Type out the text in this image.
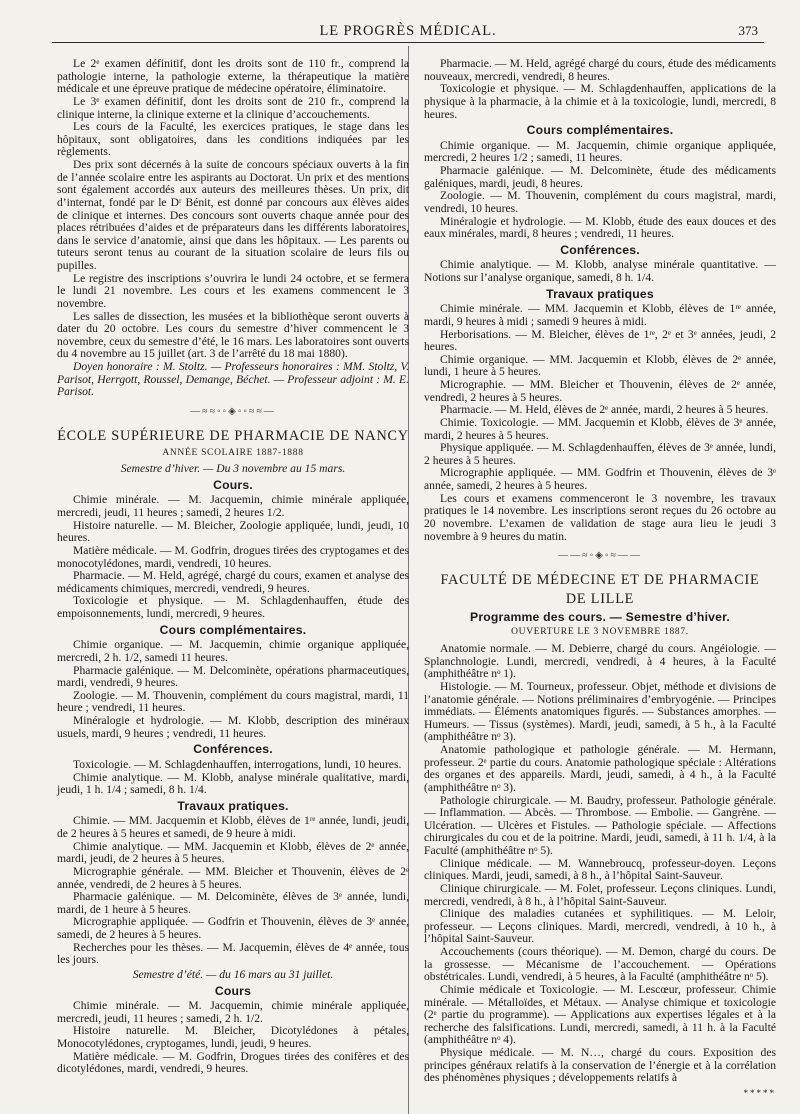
LE PROGRÈS MÉDICAL.	373

Le 2ᵉ examen définitif, dont les droits sont de 110 fr., comprend la pathologie interne, la pathologie externe, la thérapeutique la matière médicale et une épreuve pratique de médecine opératoire, éliminatoire.

Le 3ᵉ examen définitif, dont les droits sont de 210 fr., comprend la clinique interne, la clinique externe et la clinique d’accouchements.

Les cours de la Faculté, les exercices pratiques, le stage dans les hôpitaux, sont obligatoires, dans les conditions indiquées par les règlements.

Des prix sont décernés à la suite de concours spéciaux ouverts à la fin de l’année scolaire entre les aspirants au Doctorat. Un prix et des mentions sont également accordés aux auteurs des meilleures thèses. Un prix, dit d’internat, fondé par le Dʳ Bénit, est donné par concours aux élèves aides de clinique et internes. Des concours sont ouverts chaque année pour des places rétribuées d’aides et de préparateurs dans les différents laboratoires, dans le service d’anatomie, ainsi que dans les hôpitaux. — Les parents ou tuteurs seront tenus au courant de la situation scolaire de leurs fils ou pupilles.

Le registre des inscriptions s’ouvrira le lundi 24 octobre, et se fermera le lundi 21 novembre. Les cours et les examens commencent le 3 novembre.

Les salles de dissection, les musées et la bibliothèque seront ouverts à dater du 20 octobre. Les cours du semestre d’hiver commencent le 3 novembre, ceux du semestre d’été, le 16 mars. Les laboratoires sont ouverts du 4 novembre au 15 juillet (art. 3 de l’arrêté du 18 mai 1880).

Doyen honoraire : M. Stoltz. — Professeurs honoraires : MM. Stoltz, V. Parisot, Herrgott, Roussel, Demange, Béchet. — Professeur adjoint : M. E. Parisot.

—≈≈◦◦◈◦◦≈≈—
ÉCOLE SUPÉRIEURE DE PHARMACIE DE NANCY
ANNÉE SCOLAIRE 1887-1888
Semestre d’hiver. — Du 3 novembre au 15 mars.
Cours.

Chimie minérale. — M. Jacquemin, chimie minérale appliquée, mercredi, jeudi, 11 heures ; samedi, 2 heures 1/2.

Histoire naturelle. — M. Bleicher, Zoologie appliquée, lundi, jeudi, 10 heures.

Matière médicale. — M. Godfrin, drogues tirées des cryptogames et des monocotylédones, mardi, vendredi, 10 heures.

Pharmacie. — M. Held, agrégé, chargé du cours, examen et analyse des médicaments chimiques, mercredi, vendredi, 9 heures.

Toxicologie et physique. — M. Schlagdenhauffen, étude des empoisonnements, lundi, mercredi, 9 heures.

Cours complémentaires.

Chimie organique. — M. Jacquemin, chimie organique appliquée, mercredi, 2 h. 1/2, samedi 11 heures.

Pharmacie galénique. — M. Delcominète, opérations pharmaceutiques, mardi, vendredi, 9 heures.

Zoologie. — M. Thouvenin, complément du cours magistral, mardi, 11 heure ; vendredi, 11 heures.

Minéralogie et hydrologie. — M. Klobb, description des minéraux usuels, mardi, 9 heures ; vendredi, 11 heures.

Conférences.

Toxicologie. — M. Schlagdenhauffen, interrogations, lundi, 10 heures.

Chimie analytique. — M. Klobb, analyse minérale qualitative, mardi, jeudi, 1 h. 1/4 ; samedi, 8 h. 1/4.

Travaux pratiques.

Chimie. — MM. Jacquemin et Klobb, élèves de 1ʳᵉ année, lundi, jeudi, de 2 heures à 5 heures et samedi, de 9 heure à midi.

Chimie analytique. — MM. Jacquemin et Klobb, élèves de 2ᵉ année, mardi, jeudi, de 2 heures à 5 heures.

Micrographie générale. — MM. Bleicher et Thouvenin, élèves de 2ᵉ année, vendredi, de 2 heures à 5 heures.

Pharmacie galénique. — M. Delcominète, élèves de 3ᵉ année, lundi, mardi, de 1 heure à 5 heures.

Micrographie appliquée. — Godfrin et Thouvenin, élèves de 3ᵉ année, samedi, de 2 heures à 5 heures.

Recherches pour les thèses. — M. Jacquemin, élèves de 4ᵉ année, tous les jours.

Semestre d’été. — du 16 mars au 31 juillet.
Cours

Chimie minérale. — M. Jacquemin, chimie minérale appliquée, mercredi, jeudi, 11 heures ; samedi, 2 h. 1/2.

Histoire naturelle. M. Bleicher, Dicotylédones à pétales, Monocotylédones, cryptogames, lundi, jeudi, 9 heures.

Matière médicale. — M. Godfrin, Drogues tirées des conifères et des dicotylédones, mardi, vendredi, 9 heures.

Pharmacie. — M. Held, agrégé chargé du cours, étude des médicaments nouveaux, mercredi, vendredi, 8 heures.

Toxicologie et physique. — M. Schlagdenhauffen, applications de la physique à la pharmacie, à la chimie et à la toxicologie, lundi, mercredi, 8 heures.

Cours complémentaires.

Chimie organique. — M. Jacquemin, chimie organique appliquée, mercredi, 2 heures 1/2 ; samedi, 11 heures.

Pharmacie galénique. — M. Delcominète, étude des médicaments galéniques, mardi, jeudi, 8 heures.

Zoologie. — M. Thouvenin, complément du cours magistral, mardi, vendredi, 10 heures.

Minéralogie et hydrologie. — M. Klobb, étude des eaux douces et des eaux minérales, mardi, 8 heures ; vendredi, 11 heures.

Conférences.

Chimie analytique. — M. Klobb, analyse minérale quantitative. — Notions sur l’analyse organique, samedi, 8 h. 1/4.

Travaux pratiques

Chimie minérale. — MM. Jacquemin et Klobb, élèves de 1ʳᵉ année, mardi, 9 heures à midi ; samedi 9 heures à midi.

Herborisations. — M. Bleicher, élèves de 1ʳᵉ, 2ᵉ et 3ᵉ années, jeudi, 2 heures.

Chimie organique. — MM. Jacquemin et Klobb, élèves de 2ᵉ année, lundi, 1 heure à 5 heures.

Micrographie. — MM. Bleicher et Thouvenin, élèves de 2ᵉ année, vendredi, 2 heures à 5 heures.

Pharmacie. — M. Held, élèves de 2ᵉ année, mardi, 2 heures à 5 heures.

Chimie. Toxicologie. — MM. Jacquemin et Klobb, élèves de 3ᵉ année, mardi, 2 heures à 5 heures.

Physique appliquée. — M. Schlagdenhauffen, élèves de 3ᵉ année, lundi, 2 heures à 5 heures.

Micrographie appliquée. — MM. Godfrin et Thouvenin, élèves de 3ᵉ année, samedi, 2 heures à 5 heures.

Les cours et examens commenceront le 3 novembre, les travaux pratiques le 14 novembre. Les inscriptions seront reçues du 26 octobre au 20 novembre. L’examen de validation de stage aura lieu le jeudi 3 novembre à 9 heures du matin.

——≈◦◈◦≈——
FACULTÉ DE MÉDECINE ET DE PHARMACIE
DE LILLE
Programme des cours. — Semestre d’hiver.
OUVERTURE LE 3 NOVEMBRE 1887.

Anatomie normale. — M. Debierre, chargé du cours. Angéiologie. — Splanchnologie. Lundi, mercredi, vendredi, à 4 heures, à la Faculté (amphithéâtre nᵒ 1).

Histologie. — M. Tourneux, professeur. Objet, méthode et divisions de l’anatomie générale. — Notions préliminaires d’embryogénie. — Principes immédiats. — Éléments anatomiques figurés. — Substances amorphes. — Humeurs. — Tissus (systèmes). Mardi, jeudi, samedi, à 5 h., à la Faculté (amphithéâtre nᵒ 3).

Anatomie pathologique et pathologie générale. — M. Hermann, professeur. 2ᵉ partie du cours. Anatomie pathologique spéciale : Altérations des organes et des appareils. Mardi, jeudi, samedi, à 4 h., à la Faculté (amphithéâtre nᵒ 3).

Pathologie chirurgicale. — M. Baudry, professeur. Pathologie générale. — Inflammation. — Abcès. — Thrombose. — Embolie. — Gangrène. — Ulcération. — Ulcères et Fistules. — Pathologie spéciale. — Affections chirurgicales du cou et de la poitrine. Mardi, jeudi, samedi, à 11 h. 1/4, à la Faculté (amphithéâtre nᵒ 5).

Clinique médicale. — M. Wannebroucq, professeur-doyen. Leçons cliniques. Mardi, jeudi, samedi, à 8 h., à l’hôpital Saint-Sauveur.

Clinique chirurgicale. — M. Folet, professeur. Leçons cliniques. Lundi, mercredi, vendredi, à 8 h., à l’hôpital Saint-Sauveur.

Clinique des maladies cutanées et syphilitiques. — M. Leloir, professeur. — Leçons cliniques. Mardi, mercredi, vendredi, à 10 h., à l’hôpital Saint-Sauveur.

Accouchements (cours théorique). — M. Demon, chargé du cours. De la grossesse. — Mécanisme de l’accouchement. — Opérations obstétricales. Lundi, vendredi, à 5 heures, à la Faculté (amphithéâtre nᵒ 5).

Chimie médicale et Toxicologie. — M. Lescœur, professeur. Chimie minérale. — Métalloïdes, et Métaux. — Analyse chimique et toxicologie (2ᵉ partie du programme). — Applications aux expertises légales et à la recherche des falsifications. Lundi, mercredi, samedi, à 11 h. à la Faculté (amphithéâtre nᵒ 4).

Physique médicale. — M. N…, chargé du cours. Exposition des principes généraux relatifs à la conservation de l’énergie et à la corrélation des phénomènes physiques ; développements relatifs à

*****
